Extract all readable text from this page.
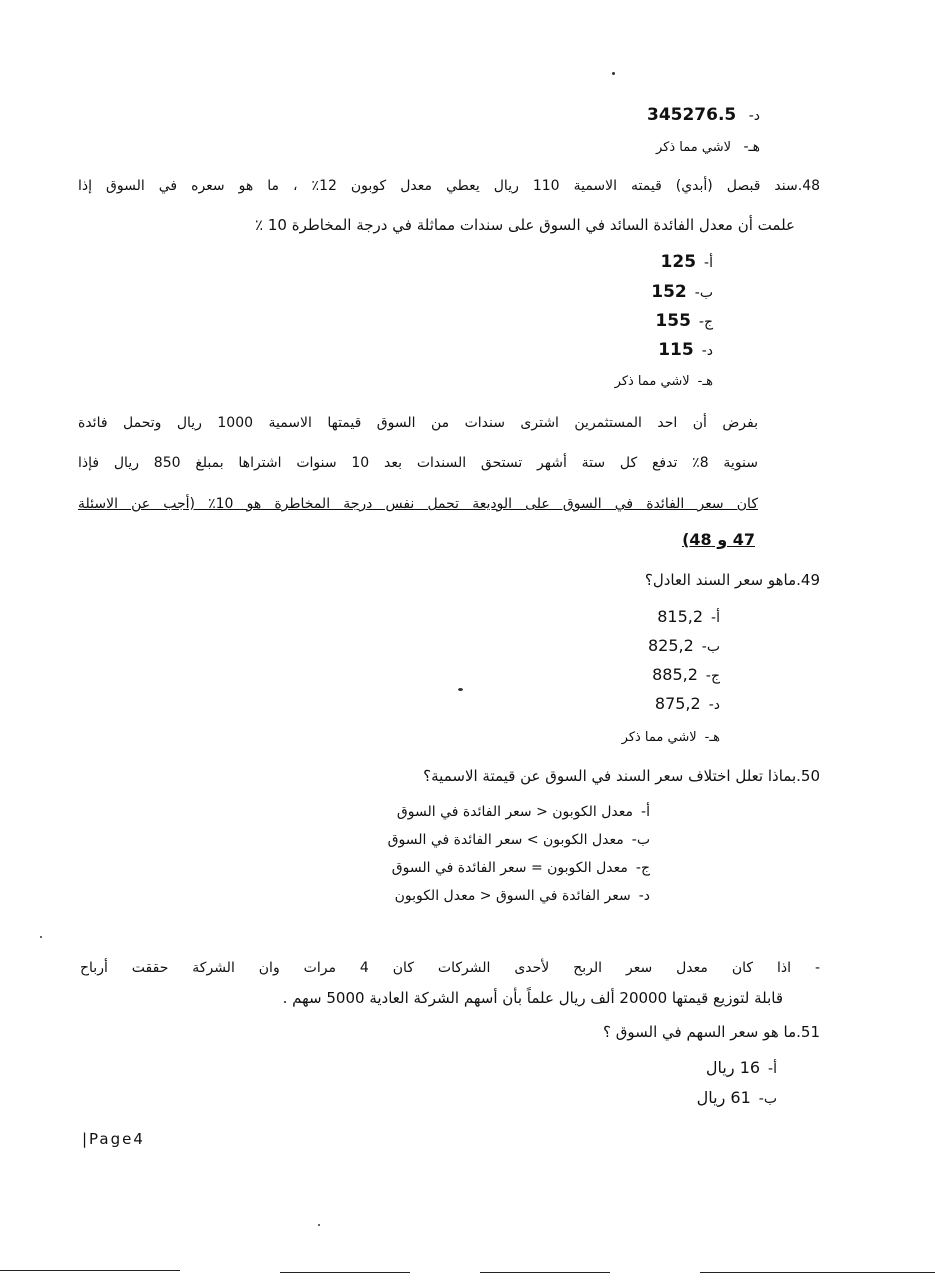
د- 345276.5
هـ- لاشي مما ذكر
48.سند قبصل (أبدي) قيمته الاسمية 110 ريال يعطي معدل كوبون 12٪ ، ما هو سعره في السوق إذا
علمت أن معدل الفائدة السائد في السوق على سندات مماثلة في درجة المخاطرة 10 ٪
أ-125
ب-152
ج-155
د-115
هـ-لاشي مما ذكر
بفرض أن احد المستثمرين اشترى سندات من السوق قيمتها الاسمية 1000 ريال وتحمل فائدة
سنوية 8٪ تدفع كل ستة أشهر تستحق السندات بعد 10 سنوات اشتراها بمبلغ 850 ريال فإذا
كان سعر الفائدة في السوق على الوديعة تحمل نفس درجة المخاطرة هو 10٪ (أجب عن الاسئلة
47 و 48)
49.ماهو سعر السند العادل؟
أ-815,2
ب-825,2
ج-885,2
د-875,2
هـ-لاشي مما ذكر
50.بماذا تعلل اختلاف سعر السند في السوق عن قيمتة الاسمية؟
أ-معدل الكوبون < سعر الفائدة في السوق
ب-معدل الكوبون > سعر الفائدة في السوق
ج-معدل الكوبون = سعر الفائدة في السوق
د-سعر الفائدة في السوق < معدل الكوبون
- اذا كان معدل سعر الربح لأحدى الشركات كان 4 مرات وان الشركة حققت أرباح
قابلة لتوزيع قيمتها 20000 ألف ريال علماً بأن أسهم الشركة العادية 5000 سهم .
51.ما هو سعر السهم في السوق ؟
أ-16 ريال
ب-61 ريال
|Page4
